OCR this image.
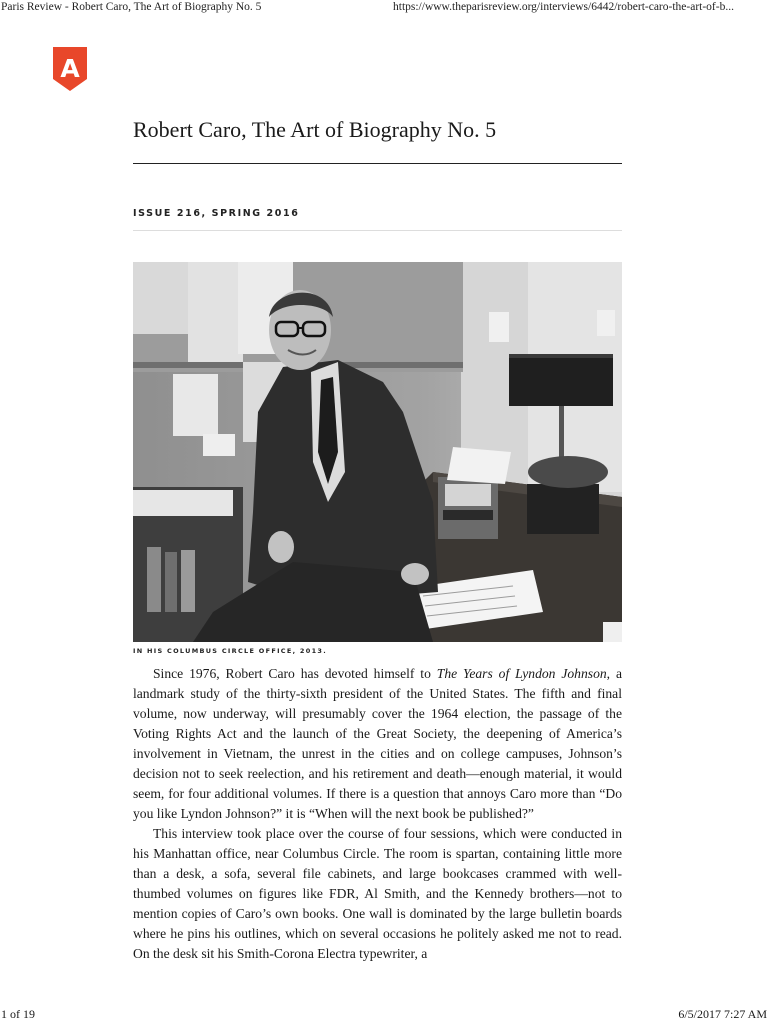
Paris Review - Robert Caro, The Art of Biography No. 5	https://www.theparisreview.org/interviews/6442/robert-caro-the-art-of-b...
A
Robert Caro, The Art of Biography No. 5
ISSUE 216, SPRING 2016
IN HIS COLUMBUS CIRCLE OFFICE, 2013.

Since 1976, Robert Caro has devoted himself to The Years of Lyndon Johnson, a landmark study of the thirty-sixth president of the United States. The fifth and final volume, now underway, will presumably cover the 1964 election, the passage of the Voting Rights Act and the launch of the Great Society, the deepening of America’s involvement in Vietnam, the unrest in the cities and on college campuses, Johnson’s decision not to seek reelection, and his retirement and death—enough material, it would seem, for four additional volumes. If there is a question that annoys Caro more than “Do you like Lyndon Johnson?” it is “When will the next book be published?”

This interview took place over the course of four sessions, which were conducted in his Manhattan office, near Columbus Circle. The room is spartan, containing little more than a desk, a sofa, several file cabinets, and large bookcases crammed with well-thumbed volumes on figures like FDR, Al Smith, and the Kennedy brothers—not to mention copies of Caro’s own books. One wall is dominated by the large bulletin boards where he pins his outlines, which on several occasions he politely asked me not to read. On the desk sit his Smith-Corona Electra typewriter, a

1 of 19	6/5/2017 7:27 AM
